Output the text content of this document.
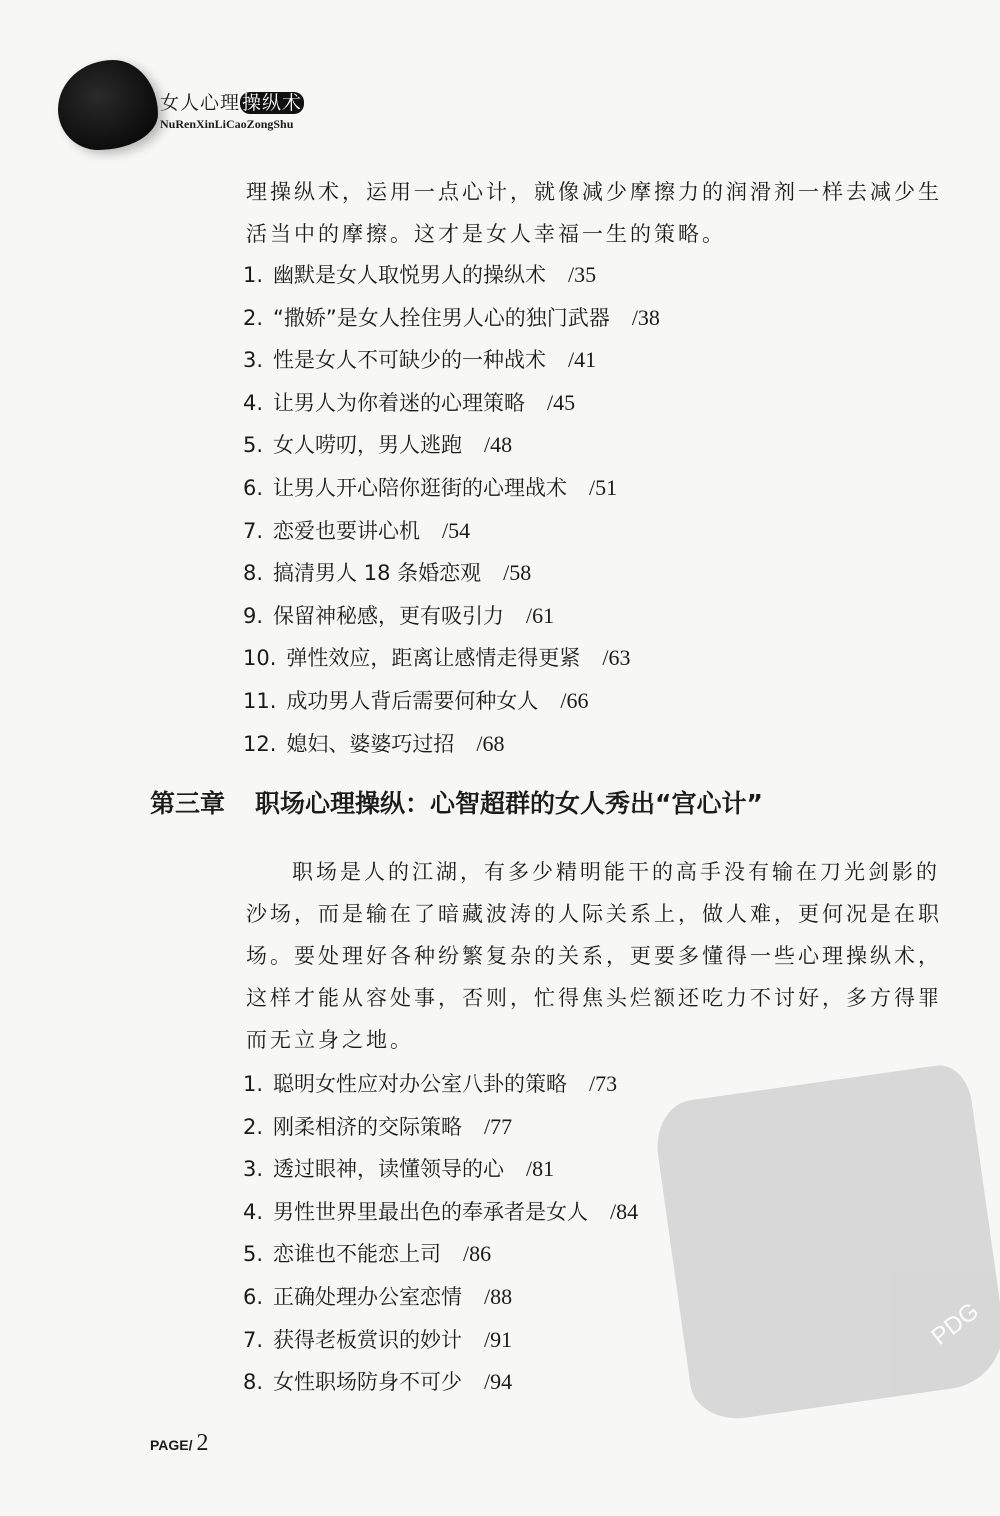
女人心理 操纵术
NuRenXinLiCaoZongShu
理操纵术，运用一点心计，就像减少摩擦力的润滑剂一样去减少生活当中的摩擦。这才是女人幸福一生的策略。
1. 幽默是女人取悦男人的操纵术 /35
2. “撒娇”是女人拴住男人心的独门武器 /38
3. 性是女人不可缺少的一种战术 /41
4. 让男人为你着迷的心理策略 /45
5. 女人唠叨，男人逃跑 /48
6. 让男人开心陪你逛街的心理战术 /51
7. 恋爱也要讲心机 /54
8. 搞清男人 18 条婚恋观 /58
9. 保留神秘感，更有吸引力 /61
10. 弹性效应，距离让感情走得更紧 /63
11. 成功男人背后需要何种女人 /66
12. 媳妇、婆婆巧过招 /68
第三章 职场心理操纵：心智超群的女人秀出“宫心计”
职场是人的江湖，有多少精明能干的高手没有输在刀光剑影的沙场，而是输在了暗藏波涛的人际关系上，做人难，更何况是在职场。要处理好各种纷繁复杂的关系，更要多懂得一些心理操纵术，这样才能从容处事，否则，忙得焦头烂额还吃力不讨好，多方得罪而无立身之地。
1. 聪明女性应对办公室八卦的策略 /73
2. 刚柔相济的交际策略 /77
3. 透过眼神，读懂领导的心 /81
4. 男性世界里最出色的奉承者是女人 /84
5. 恋谁也不能恋上司 /86
6. 正确处理办公室恋情 /88
7. 获得老板赏识的妙计 /91
8. 女性职场防身不可少 /94
PDG
PAGE/ 2
